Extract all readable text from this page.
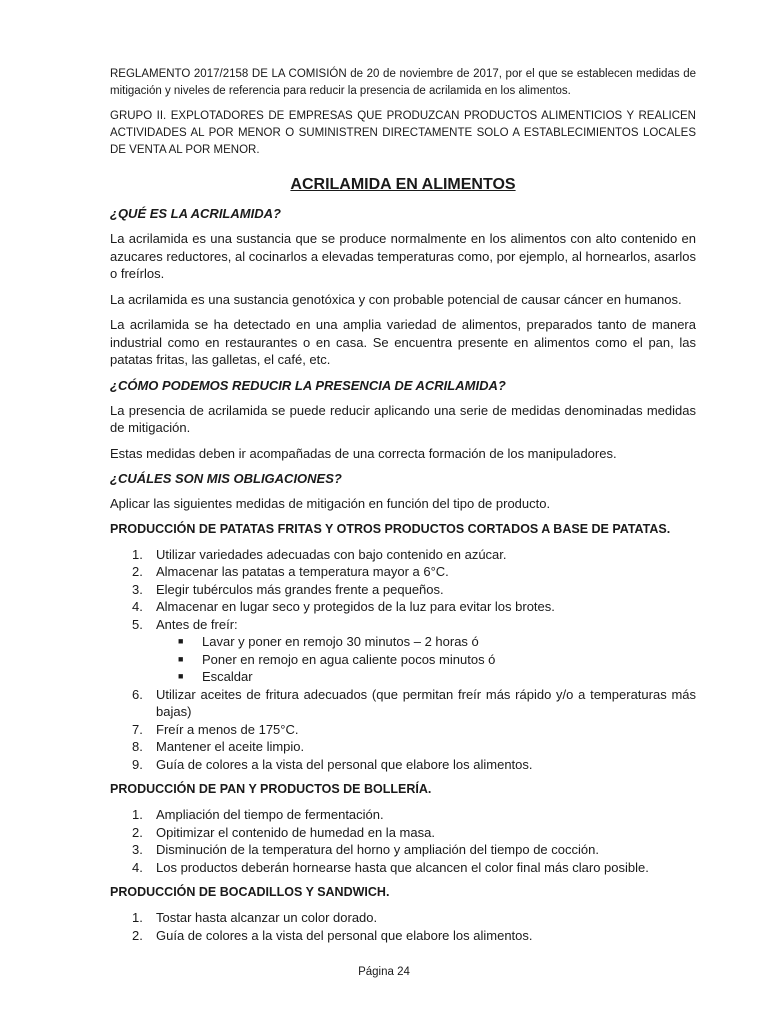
REGLAMENTO 2017/2158 DE LA COMISIÓN de 20 de noviembre de 2017, por el que se establecen medidas de mitigación y niveles de referencia para reducir la presencia de acrilamida en los alimentos.

GRUPO II. EXPLOTADORES DE EMPRESAS QUE PRODUZCAN PRODUCTOS ALIMENTICIOS Y REALICEN ACTIVIDADES AL POR MENOR O SUMINISTREN DIRECTAMENTE SOLO A ESTABLECIMIENTOS LOCALES DE VENTA AL POR MENOR.

ACRILAMIDA EN ALIMENTOS

¿QUÉ ES LA ACRILAMIDA?

La acrilamida es una sustancia que se produce normalmente en los alimentos con alto contenido en azucares reductores, al cocinarlos a elevadas temperaturas como, por ejemplo, al hornearlos, asarlos o freírlos.

La acrilamida es una sustancia genotóxica y con probable potencial de causar cáncer en humanos.

La acrilamida se ha detectado en una amplia variedad de alimentos, preparados tanto de manera industrial como en restaurantes o en casa. Se encuentra presente en alimentos como el pan, las patatas fritas, las galletas, el café, etc.

¿CÓMO PODEMOS REDUCIR LA PRESENCIA DE ACRILAMIDA?

La presencia de acrilamida se puede reducir aplicando una serie de medidas denominadas medidas de mitigación.

Estas medidas deben ir acompañadas de una correcta formación de los manipuladores.

¿CUÁLES SON MIS OBLIGACIONES?

Aplicar las siguientes medidas de mitigación en función del tipo de producto.

PRODUCCIÓN DE PATATAS FRITAS Y OTROS PRODUCTOS CORTADOS A BASE DE PATATAS.

1. Utilizar variedades adecuadas con bajo contenido en azúcar.
2. Almacenar las patatas a temperatura mayor a 6°C.
3. Elegir tubérculos más grandes frente a pequeños.
4. Almacenar en lugar seco y protegidos de la luz para evitar los brotes.
5. Antes de freír:
■ Lavar y poner en remojo 30 minutos – 2 horas ó
■ Poner en remojo en agua caliente pocos minutos ó
■ Escaldar
6. Utilizar aceites de fritura adecuados (que permitan freír más rápido y/o a temperaturas más bajas)
7. Freír a menos de 175°C.
8. Mantener el aceite limpio.
9. Guía de colores a la vista del personal que elabore los alimentos.

PRODUCCIÓN DE PAN Y PRODUCTOS DE BOLLERÍA.

1. Ampliación del tiempo de fermentación.
2. Opitimizar el contenido de humedad en la masa.
3. Disminución de la temperatura del horno y ampliación del tiempo de cocción.
4. Los productos deberán hornearse hasta que alcancen el color final más claro posible.

PRODUCCIÓN DE BOCADILLOS Y SANDWICH.

1. Tostar hasta alcanzar un color dorado.
2. Guía de colores a la vista del personal que elabore los alimentos.
Página 24
